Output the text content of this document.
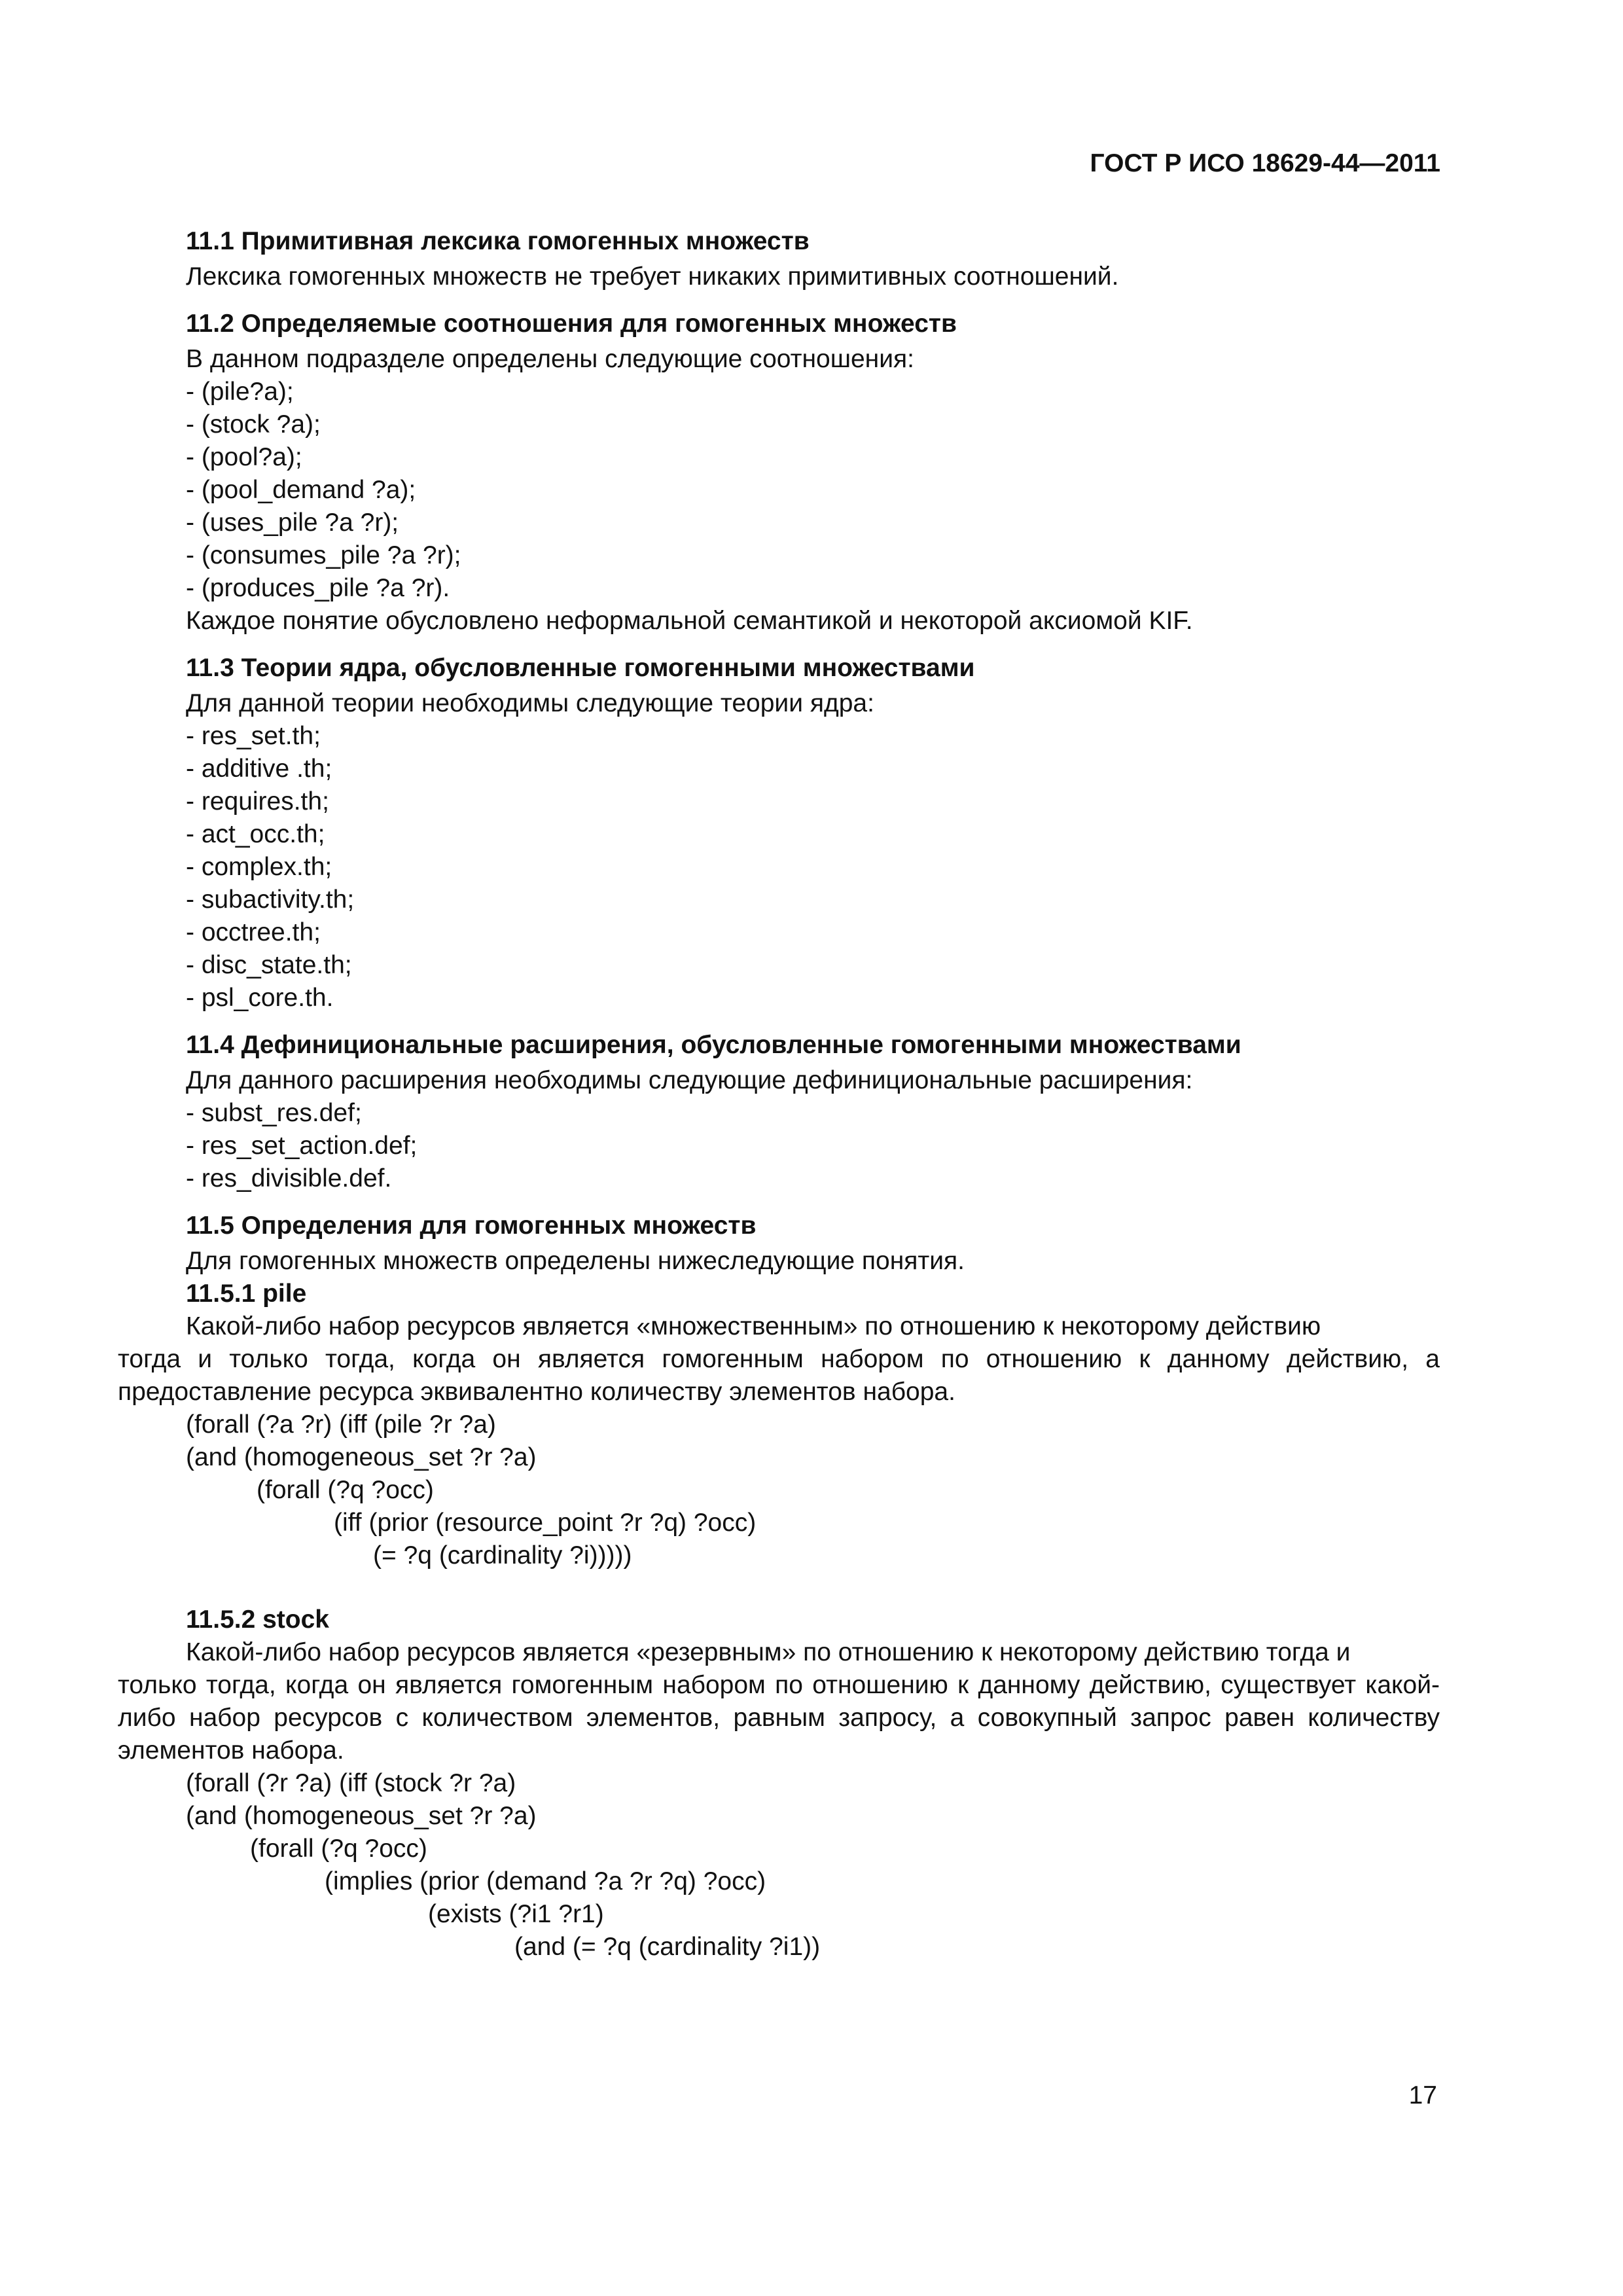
ГОСТ Р ИСО 18629-44—2011
11.1 Примитивная лексика гомогенных множеств
Лексика гомогенных множеств не требует никаких примитивных соотношений.
11.2 Определяемые соотношения для гомогенных множеств
В данном подразделе определены следующие соотношения:
- (pile?a);
- (stock ?a);
- (pool?a);
- (pool_demand ?a);
- (uses_pile ?a ?r);
- (consumes_pile ?a ?r);
- (produces_pile ?a ?r).
Каждое понятие обусловлено неформальной семантикой и некоторой аксиомой KIF.
11.3 Теории ядра, обусловленные гомогенными множествами
Для данной теории необходимы следующие теории ядра:
- res_set.th;
- additive .th;
- requires.th;
- act_occ.th;
- complex.th;
- subactivity.th;
- occtree.th;
- disc_state.th;
- psl_core.th.
11.4 Дефинициональные расширения, обусловленные гомогенными множествами
Для данного расширения необходимы следующие дефинициональные расширения:
- subst_res.def;
- res_set_action.def;
- res_divisible.def.
11.5 Определения для гомогенных множеств
Для гомогенных множеств определены нижеследующие понятия.
11.5.1 pile
Какой-либо набор ресурсов является «множественным» по отношению к некоторому действию
тогда и только тогда, когда он является гомогенным набором по отношению к данному действию, а предоставление ресурса эквивалентно количеству элементов набора.
(forall (?a ?r) (iff (pile ?r ?a)
(and (homogeneous_set ?r ?a)
(forall (?q ?occ)
(iff (prior (resource_point ?r ?q) ?occ)
(= ?q (cardinality ?i)))))
11.5.2 stock
Какой-либо набор ресурсов является «резервным» по отношению к некоторому действию тогда и
только тогда, когда он является гомогенным набором по отношению к данному действию, существует какой-либо набор ресурсов с количеством элементов, равным запросу, а совокупный запрос равен количеству элементов набора.
(forall (?r ?a) (iff (stock ?r ?a)
(and (homogeneous_set ?r ?a)
(forall (?q ?occ)
(implies (prior (demand ?a ?r ?q) ?occ)
(exists (?i1 ?r1)
(and (= ?q (cardinality ?i1))
17
